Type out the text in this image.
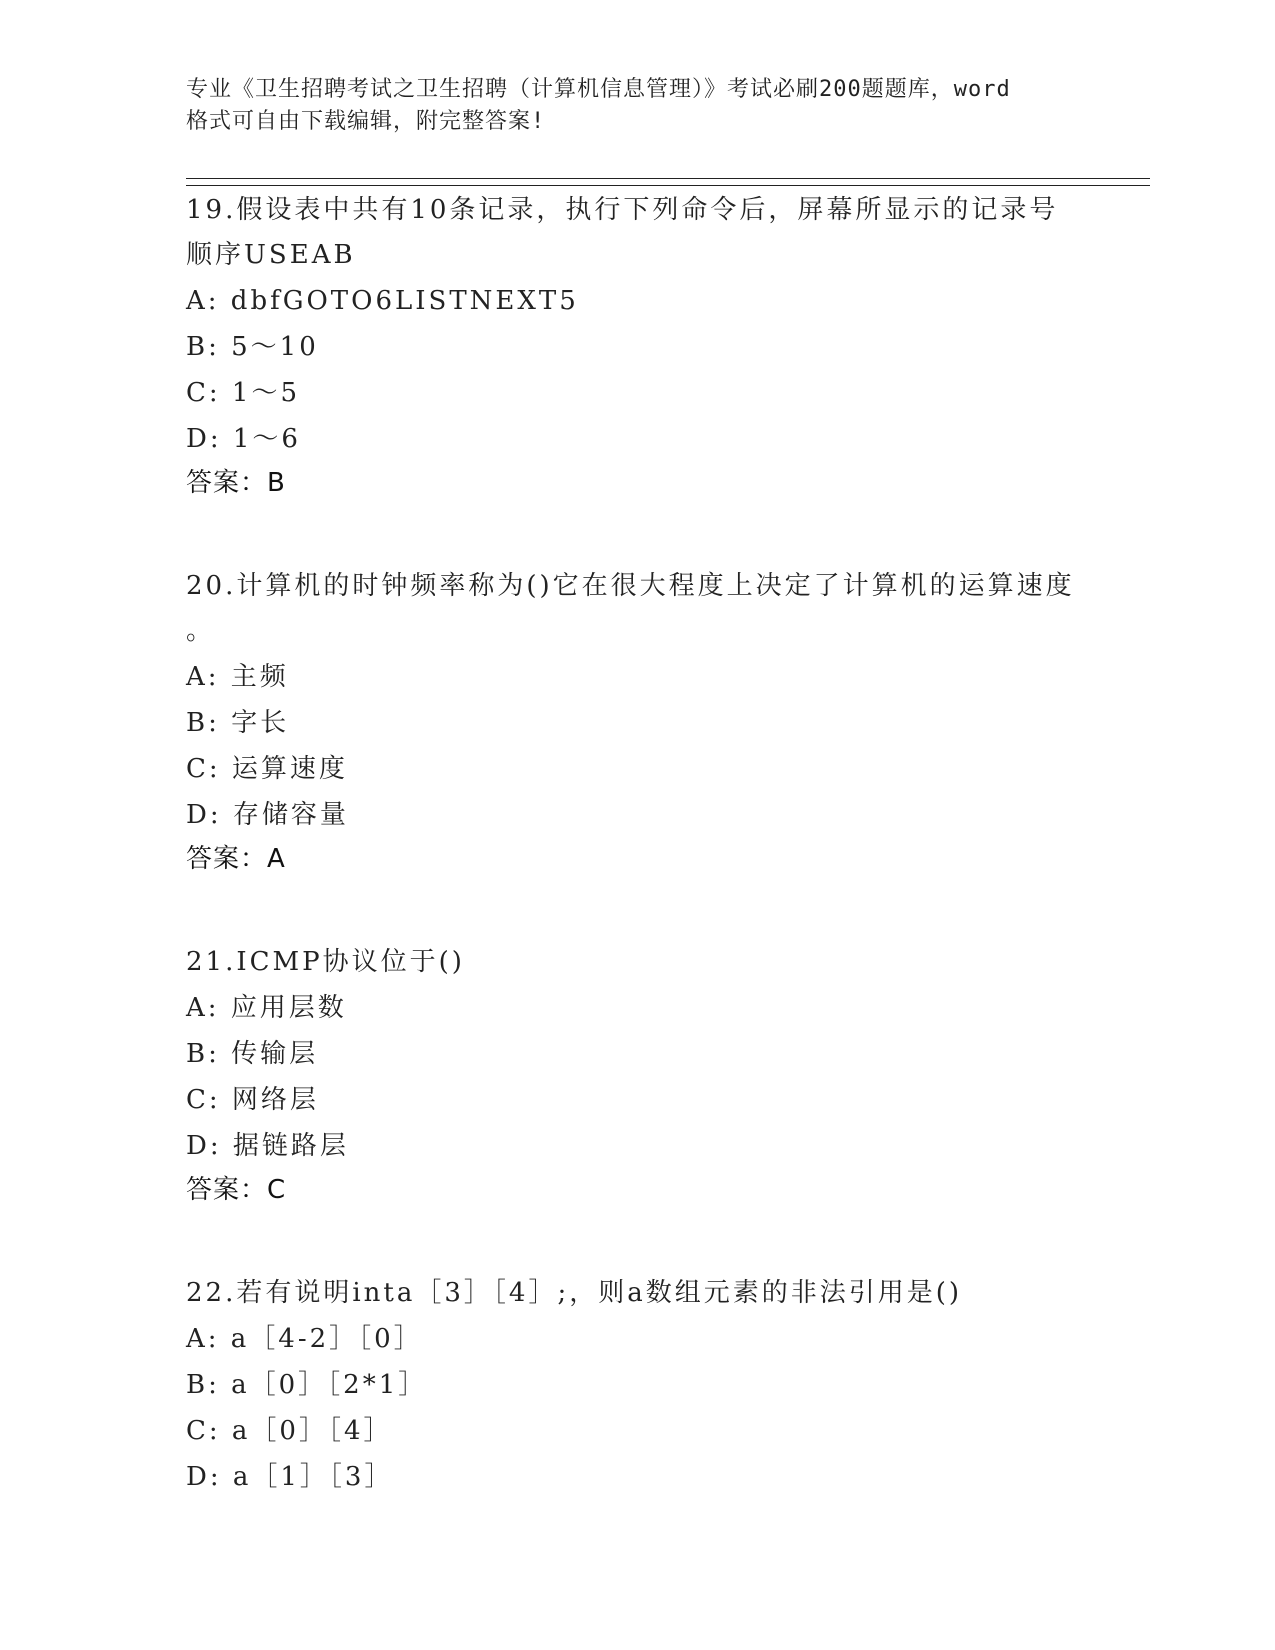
专业《卫生招聘考试之卫生招聘（计算机信息管理）》考试必刷200题题库，word
格式可自由下载编辑，附完整答案!
19.假设表中共有10条记录，执行下列命令后，屏幕所显示的记录号
顺序USEAB
A: dbfGOTO6LISTNEXT5
B: 5～10
C: 1～5
D: 1～6
答案：B
20.计算机的时钟频率称为()它在很大程度上决定了计算机的运算速度
。
A: 主频
B: 字长
C: 运算速度
D: 存储容量
答案：A
21.ICMP协议位于()
A: 应用层数
B: 传输层
C: 网络层
D: 据链路层
答案：C
22.若有说明inta［3］［4］;，则a数组元素的非法引用是()
A: a［4-2］［0］
B: a［0］［2*1］
C: a［0］［4］
D: a［1］［3］
